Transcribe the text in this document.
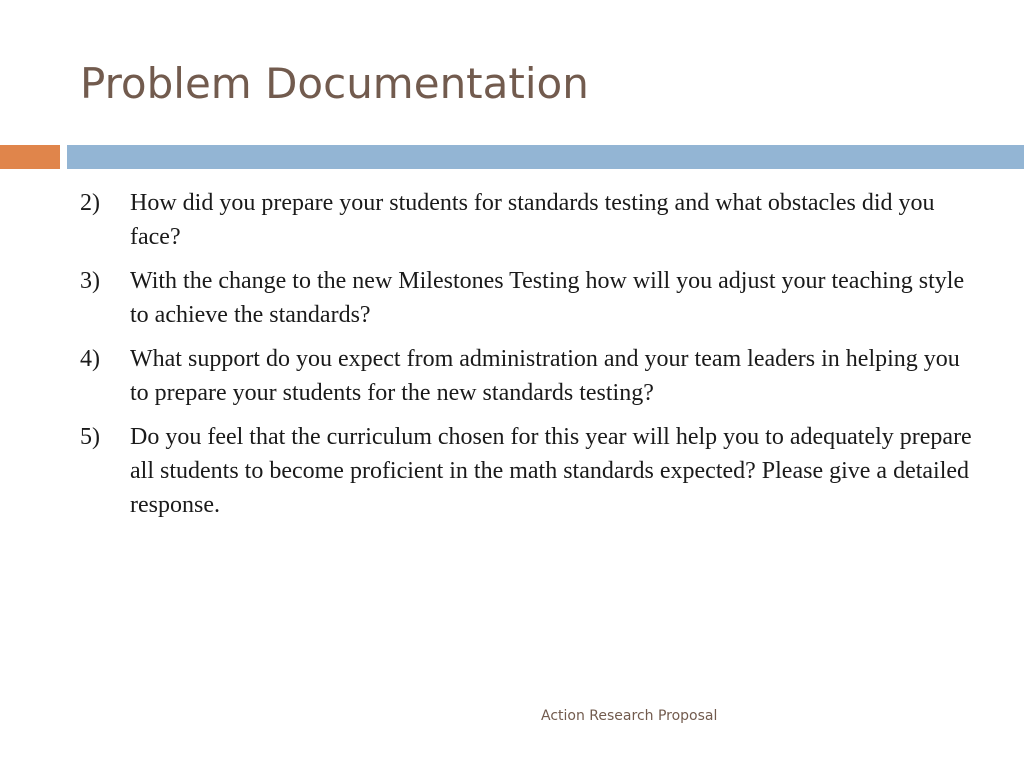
Problem Documentation
2)	How did you prepare your students for standards testing and what obstacles did you face?
3)	With the change to the new Milestones Testing how will you adjust your teaching style to achieve the standards?
4)	What support do you expect from administration and your team leaders in helping you to prepare your students for the new standards testing?
5)	Do you feel that the curriculum chosen for this year will help you to adequately prepare all students to become proficient in the math standards expected? Please give a detailed response.
Action Research Proposal
